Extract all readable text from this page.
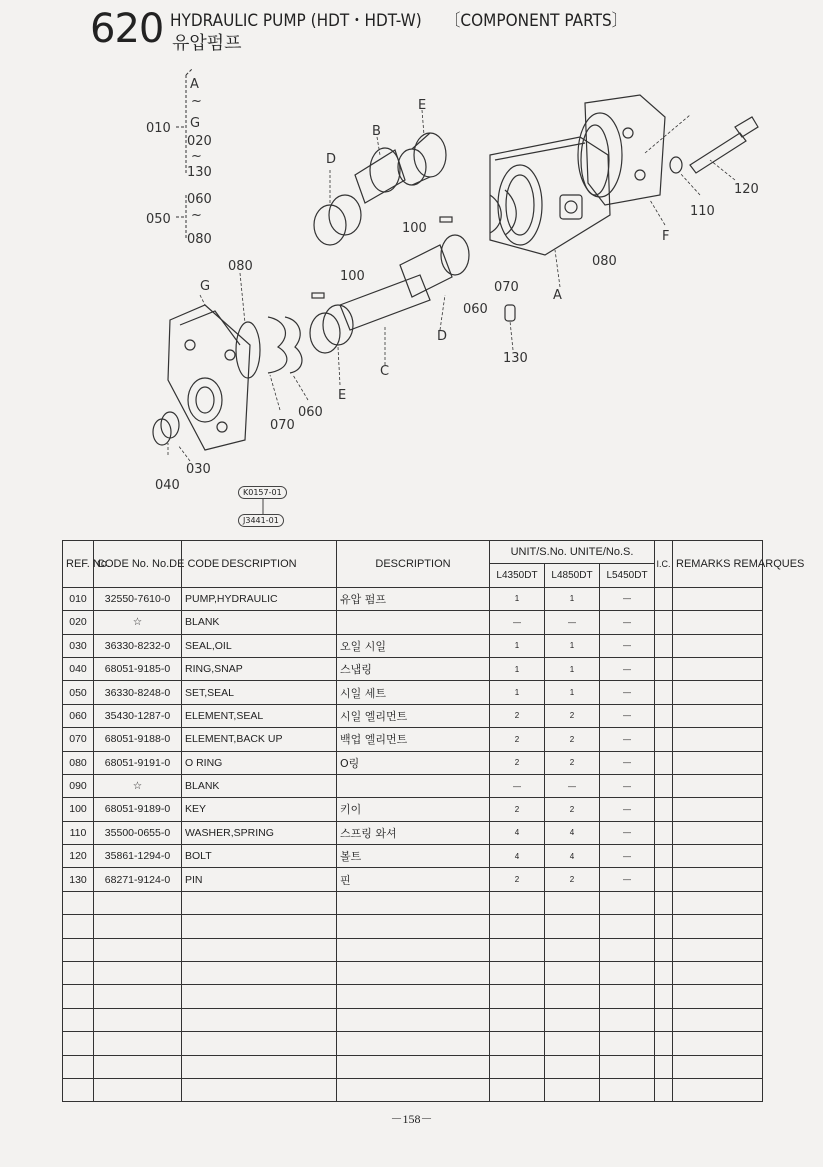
620 HYDRAULIC PUMP (HDT・HDT-W) 〔COMPONENT PARTS〕
유압펌프
A
~
G
020
~
130
060
~
080
010
050
G
080
D
B
E
100
100
070
080
A
F
110
120
060
D
C
E
130
060
070
030
040	K0157-01
J3441-01
REF. No.	CODE No. No.DE CODE	DESCRIPTION	DESCRIPTION	UNIT/S.No. UNITE/No.S.			I.C.	REMARKS REMARQUES
				L4350DT	L4850DT	L5450DT		
010	32550-7610-0	PUMP,HYDRAULIC	유압 펌프	1	1	—		
020	☆	BLANK		—	—	—		
030	36330-8232-0	SEAL,OIL	오일 시일	1	1	—		
040	68051-9185-0	RING,SNAP	스냅링	1	1	—		
050	36330-8248-0	SET,SEAL	시일 세트	1	1	—		
060	35430-1287-0	ELEMENT,SEAL	시일 엘리먼트	2	2	—		
070	68051-9188-0	ELEMENT,BACK UP	백업 엘리먼트	2	2	—		
080	68051-9191-0	O RING	O링	2	2	—		
090	☆	BLANK		—	—	—		
100	68051-9189-0	KEY	키이	2	2	—		
110	35500-0655-0	WASHER,SPRING	스프링 와셔	4	4	—		
120	35861-1294-0	BOLT	볼트	4	4	—		
130	68271-9124-0	PIN	핀	2	2	—		

－158－
